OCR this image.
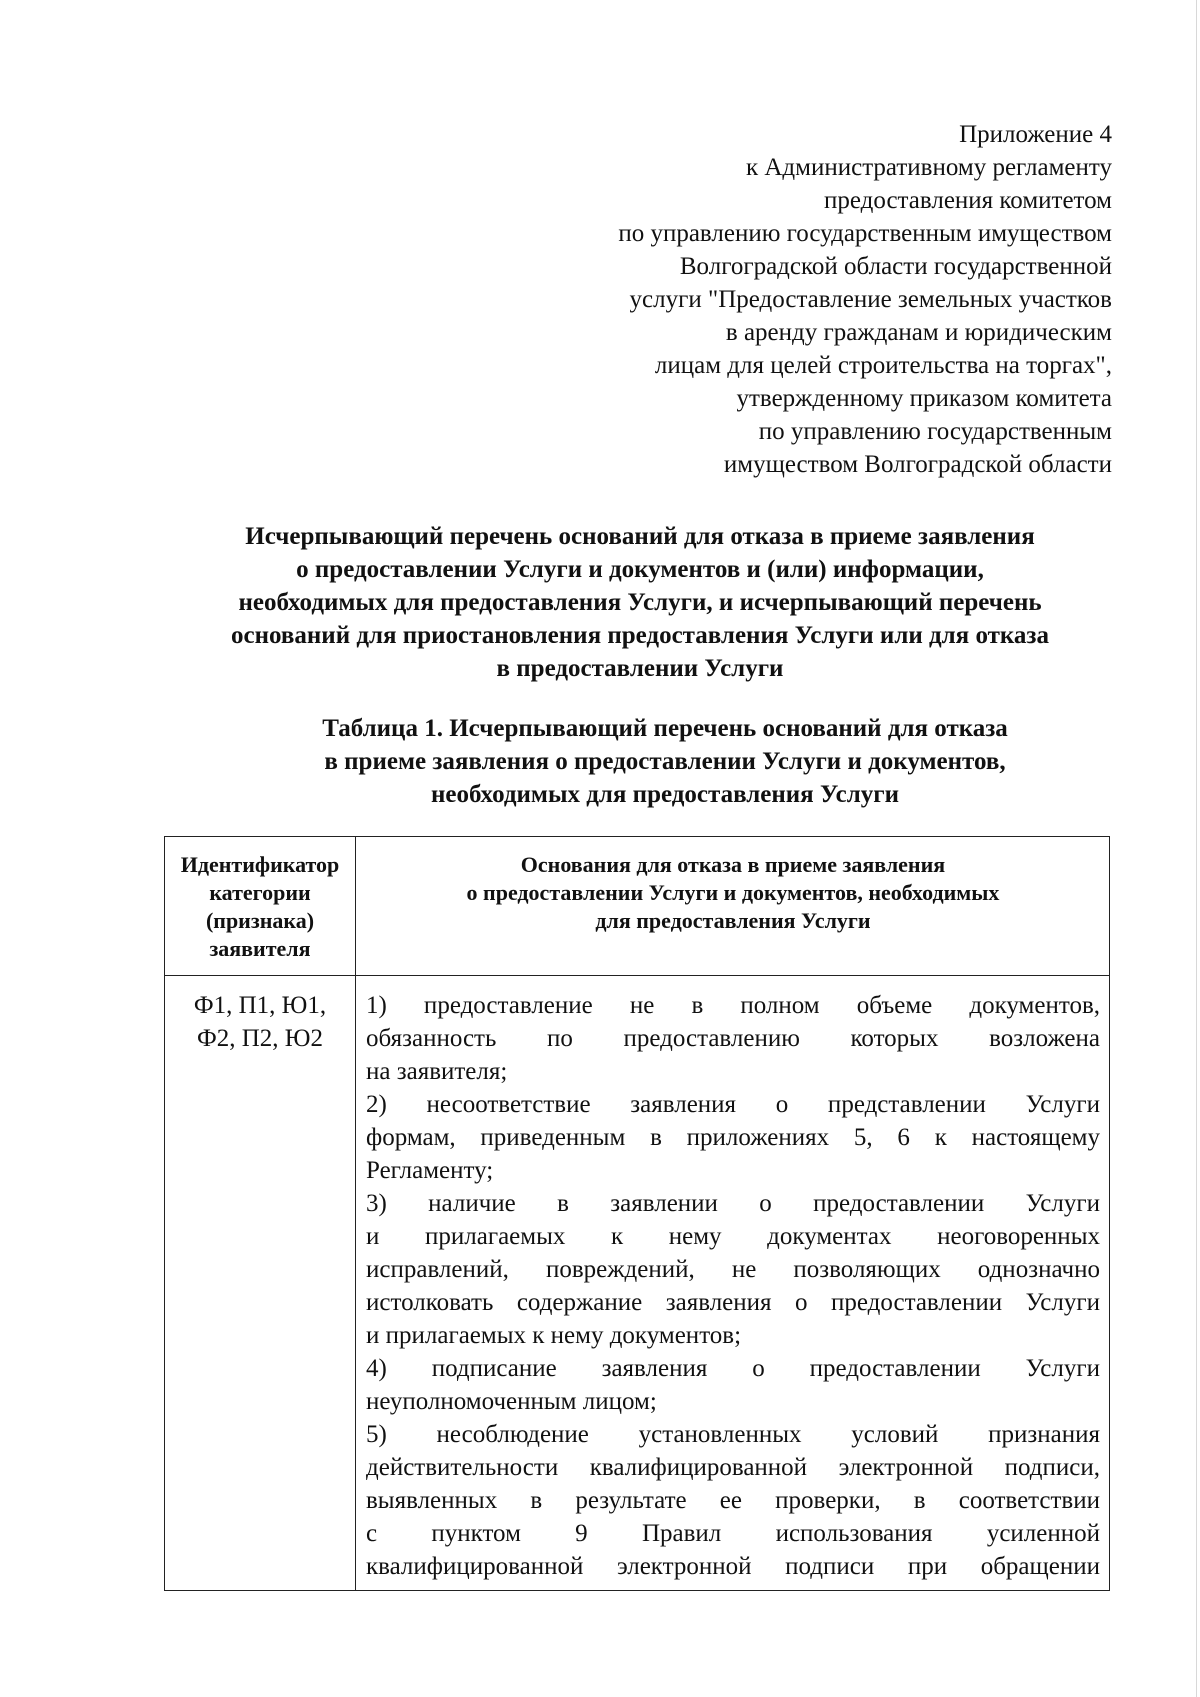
Приложение 4
к Административному регламенту
предоставления комитетом
по управлению государственным имуществом
Волгоградской области государственной
услуги "Предоставление земельных участков
в аренду гражданам и юридическим
лицам для целей строительства на торгах",
утвержденному приказом комитета
по управлению государственным
имуществом Волгоградской области
Исчерпывающий перечень оснований для отказа в приеме заявления
о предоставлении Услуги и документов и (или) информации,
необходимых для предоставления Услуги, и исчерпывающий перечень
оснований для приостановления предоставления Услуги или для отказа
в предоставлении Услуги
Таблица 1. Исчерпывающий перечень оснований для отказа
в приеме заявления о предоставлении Услуги и документов,
необходимых для предоставления Услуги
Идентификатор
категории
(признака)
заявителя
Основания для отказа в приеме заявления
о предоставлении Услуги и документов, необходимых
для предоставления Услуги
Ф1, П1, Ю1,
Ф2, П2, Ю2
1) предоставление не в полном объеме документов,
обязанность по предоставлению которых возложена
на заявителя;
2) несоответствие заявления о представлении Услуги
формам, приведенным в приложениях 5, 6 к настоящему
Регламенту;
3) наличие в заявлении о предоставлении Услуги
и прилагаемых к нему документах неоговоренных
исправлений, повреждений, не позволяющих однозначно
истолковать содержание заявления о предоставлении Услуги
и прилагаемых к нему документов;
4) подписание заявления о предоставлении Услуги
неуполномоченным лицом;
5) несоблюдение установленных условий признания
действительности квалифицированной электронной подписи,
выявленных в результате ее проверки, в соответствии
с пунктом 9 Правил использования усиленной
квалифицированной электронной подписи при обращении
